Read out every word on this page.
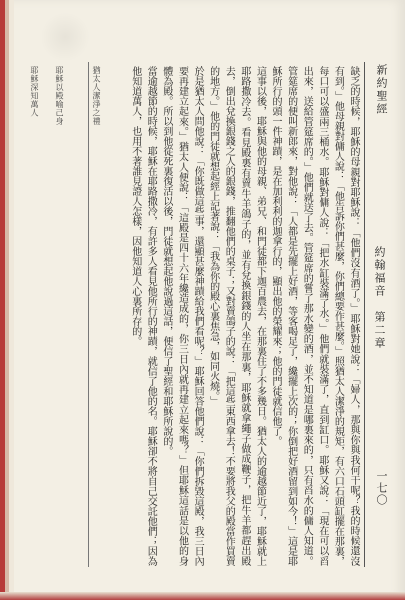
新約聖經
約翰福音　第二章
一七〇

缺乏的時候，耶穌的母親對耶穌說：「他們沒有酒了。」耶穌對她說：「婦人，那與你與我何干呢？我的時候還沒有到。」他母親對傭人說：「他告訴你們甚麼，你們總要作甚麼。」照猶太人潔淨的規矩，有六口石頭缸擺在那裏，每口可以盛兩三桶水。耶穌對傭人說：「把水缸裝滿了水。」他們就裝滿了，直到缸口。耶穌又說：「現在可以舀出來，送給管筵席的。」他們就送了去。管筵席的嘗了那水變的酒，並不知道是哪裏來的，只有舀水的傭人知道。管筵席的便叫新郎來，對他說：「人都是先擺上好酒，等客喝足了，纔擺上次的；你倒把好酒留到如今！」這是耶穌所行的頭一件神蹟，是在加利利的迦拿行的，顯出他的榮耀來；他的門徒就信他了。

這事以後，耶穌與他的母親、弟兄、和門徒都下迦百農去，在那裏住了不多幾日。猶太人的逾越節近了，耶穌就上耶路撒冷去。看見殿裏有賣牛羊鴿子的，並有兌換銀錢的人坐在那裏，耶穌就拿繩子做成鞭子，把牛羊都趕出殿去，倒出兌換銀錢之人的銀錢，推翻他們的桌子；又對賣鴿子的說：「把這些東西拿去！不要將我父的殿當作買賣的地方。」他的門徒就想起經上記著說：「我為你的殿心裏焦急，如同火燒。」

於是猶太人問他說：「你既做這些事，還顯甚麼神蹟給我們看呢？」耶穌回答他們說：「你們拆毀這殿，我三日內要再建立起來。」猶太人便說：「這殿是四十六年纔造成的，你三日內就再建立起來嗎？」但耶穌這話是以他的身體為殿。所以到他從死裏復活以後，門徒就想起他說過這話，便信了聖經和耶穌所說的。

當逾越節的時候，耶穌在耶路撒冷，有許多人看見他所行的神蹟，就信了他的名。耶穌卻不將自己交託他們；因為他知道萬人，也用不著誰見證人怎樣，因他知道人心裏所存的。

猶太人潔淨之禮
耶穌以殿喻己身
耶穌深知萬人
